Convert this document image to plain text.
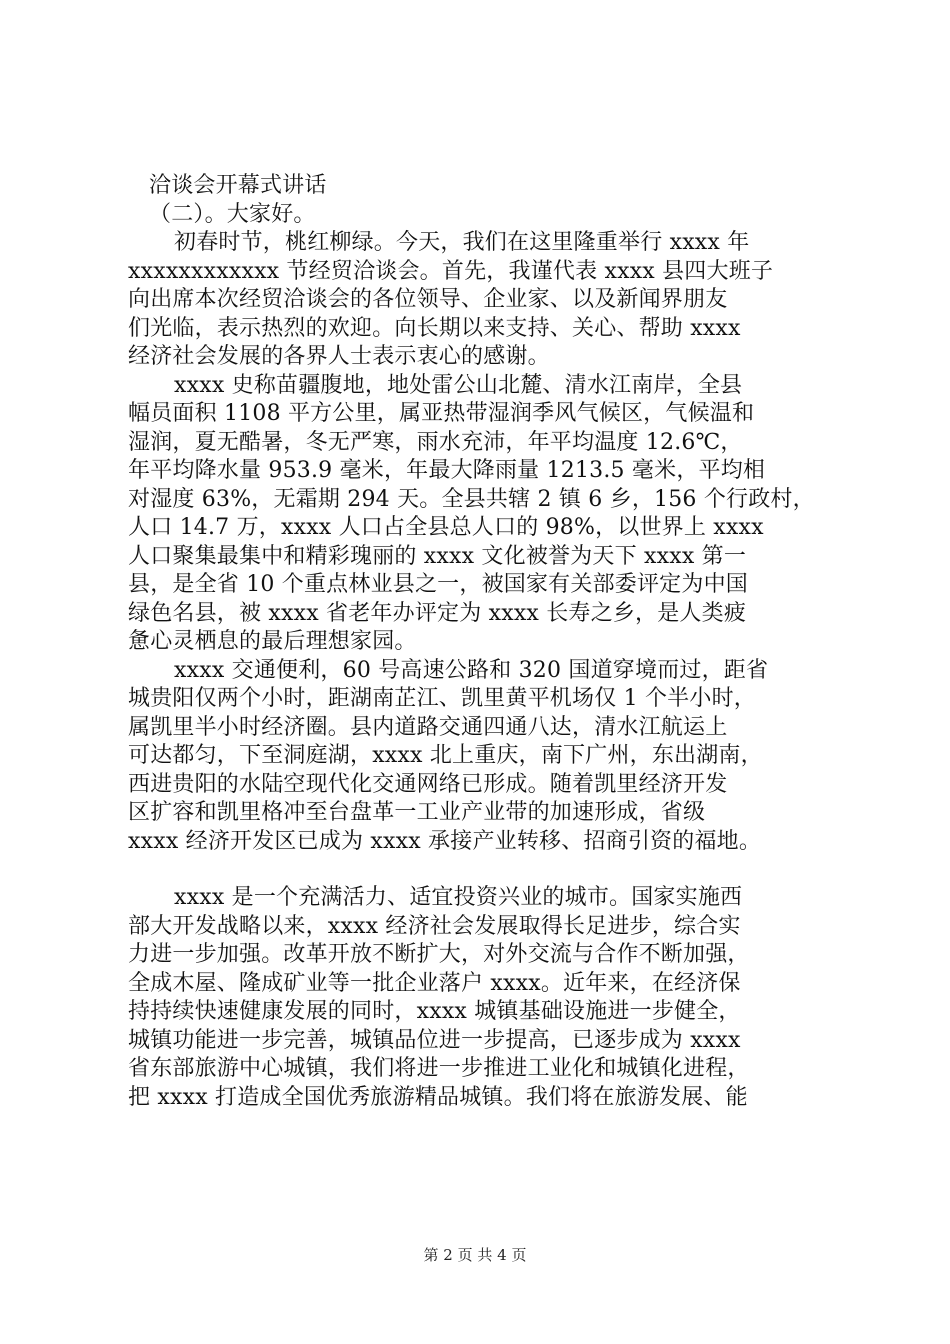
洽谈会开幕式讲话

（二）。大家好。

初春时节，桃红柳绿。今天，我们在这里隆重举行 xxxx 年

xxxxxxxxxxxx 节经贸洽谈会。首先，我谨代表 xxxx 县四大班子

向出席本次经贸洽谈会的各位领导、企业家、以及新闻界朋友

们光临，表示热烈的欢迎。向长期以来支持、关心、帮助 xxxx

经济社会发展的各界人士表示衷心的感谢。

xxxx 史称苗疆腹地，地处雷公山北麓、清水江南岸，全县

幅员面积 1108 平方公里，属亚热带湿润季风气候区，气候温和

湿润，夏无酷暑，冬无严寒，雨水充沛，年平均温度 12.6℃，

年平均降水量 953.9 毫米，年最大降雨量 1213.5 毫米，平均相

对湿度 63%，无霜期 294 天。全县共辖 2 镇 6 乡，156 个行政村，

人口 14.7 万，xxxx 人口占全县总人口的 98%，以世界上 xxxx

人口聚集最集中和精彩瑰丽的 xxxx 文化被誉为天下 xxxx 第一

县，是全省 10 个重点林业县之一，被国家有关部委评定为中国

绿色名县，被 xxxx 省老年办评定为 xxxx 长寿之乡，是人类疲

惫心灵栖息的最后理想家园。

xxxx 交通便利，60 号高速公路和 320 国道穿境而过，距省

城贵阳仅两个小时，距湖南芷江、凯里黄平机场仅 1 个半小时，

属凯里半小时经济圈。县内道路交通四通八达，清水江航运上

可达都匀，下至洞庭湖，xxxx 北上重庆，南下广州，东出湖南，

西进贵阳的水陆空现代化交通网络已形成。随着凯里经济开发

区扩容和凯里格冲至台盘革一工业产业带的加速形成，省级

xxxx 经济开发区已成为 xxxx 承接产业转移、招商引资的福地。

xxxx 是一个充满活力、适宜投资兴业的城市。国家实施西

部大开发战略以来，xxxx 经济社会发展取得长足进步，综合实

力进一步加强。改革开放不断扩大，对外交流与合作不断加强，

全成木屋、隆成矿业等一批企业落户 xxxx。近年来，在经济保

持持续快速健康发展的同时，xxxx 城镇基础设施进一步健全，

城镇功能进一步完善，城镇品位进一步提高，已逐步成为 xxxx

省东部旅游中心城镇，我们将进一步推进工业化和城镇化进程，

把 xxxx 打造成全国优秀旅游精品城镇。我们将在旅游发展、能

第 2 页 共 4 页
